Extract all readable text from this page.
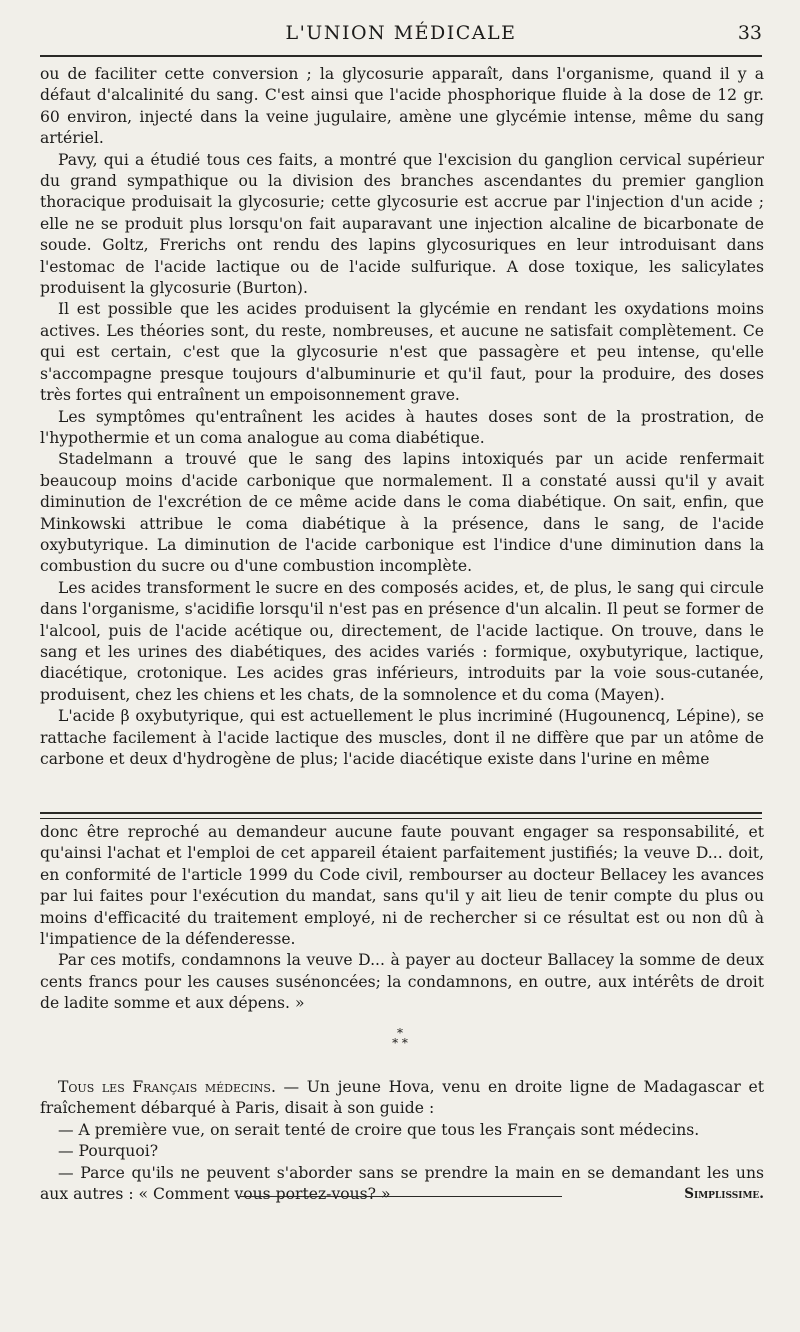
L'UNION MÉDICALE	33

ou de faciliter cette conversion ; la glycosurie apparaît, dans l'organisme, quand il y a défaut d'alcalinité du sang. C'est ainsi que l'acide phosphorique fluide à la dose de 12 gr. 60 environ, injecté dans la veine jugulaire, amène une glycémie intense, même du sang artériel.

Pavy, qui a étudié tous ces faits, a montré que l'excision du ganglion cervical supérieur du grand sympathique ou la division des branches ascendantes du premier ganglion thoracique produisait la glycosurie; cette glycosurie est accrue par l'injection d'un acide ; elle ne se produit plus lorsqu'on fait auparavant une injection alcaline de bicarbonate de soude. Goltz, Frerichs ont rendu des lapins glycosuriques en leur introduisant dans l'estomac de l'acide lactique ou de l'acide sulfurique. A dose toxique, les salicylates produisent la glycosurie (Burton).

Il est possible que les acides produisent la glycémie en rendant les oxydations moins actives. Les théories sont, du reste, nombreuses, et aucune ne satisfait complètement. Ce qui est certain, c'est que la glycosurie n'est que passagère et peu intense, qu'elle s'accompagne presque toujours d'albuminurie et qu'il faut, pour la produire, des doses très fortes qui entraînent un empoisonnement grave.

Les symptômes qu'entraînent les acides à hautes doses sont de la prostration, de l'hypothermie et un coma analogue au coma diabétique.

Stadelmann a trouvé que le sang des lapins intoxiqués par un acide renfermait beaucoup moins d'acide carbonique que normalement. Il a constaté aussi qu'il y avait diminution de l'excrétion de ce même acide dans le coma diabétique. On sait, enfin, que Minkowski attribue le coma diabétique à la présence, dans le sang, de l'acide oxybutyrique. La diminution de l'acide carbonique est l'indice d'une diminution dans la combustion du sucre ou d'une combustion incomplète.

Les acides transforment le sucre en des composés acides, et, de plus, le sang qui circule dans l'organisme, s'acidifie lorsqu'il n'est pas en présence d'un alcalin. Il peut se former de l'alcool, puis de l'acide acétique ou, directement, de l'acide lactique. On trouve, dans le sang et les urines des diabétiques, des acides variés : formique, oxybutyrique, lactique, diacétique, crotonique. Les acides gras inférieurs, introduits par la voie sous-cutanée, produisent, chez les chiens et les chats, de la somnolence et du coma (Mayen).

L'acide β oxybutyrique, qui est actuellement le plus incriminé (Hugounencq, Lépine), se rattache facilement à l'acide lactique des muscles, dont il ne diffère que par un atôme de carbone et deux d'hydrogène de plus; l'acide diacétique existe dans l'urine en même

donc être reproché au demandeur aucune faute pouvant engager sa responsabilité, et qu'ainsi l'achat et l'emploi de cet appareil étaient parfaitement justifiés; la veuve D... doit, en conformité de l'article 1999 du Code civil, rembourser au docteur Bellacey les avances par lui faites pour l'exécution du mandat, sans qu'il y ait lieu de tenir compte du plus ou moins d'efficacité du traitement employé, ni de rechercher si ce résultat est ou non dû à l'impatience de la défenderesse.

Par ces motifs, condamnons la veuve D... à payer au docteur Ballacey la somme de deux cents francs pour les causes susénoncées; la condamnons, en outre, aux intérêts de droit de ladite somme et aux dépens. »

*
* *

Tous les Français médecins. — Un jeune Hova, venu en droite ligne de Madagascar et fraîchement débarqué à Paris, disait à son guide :

— A première vue, on serait tenté de croire que tous les Français sont médecins.

— Pourquoi?

— Parce qu'ils ne peuvent s'aborder sans se prendre la main en se demandant les uns aux autres : « Comment vous portez-vous? »	Simplissime.
